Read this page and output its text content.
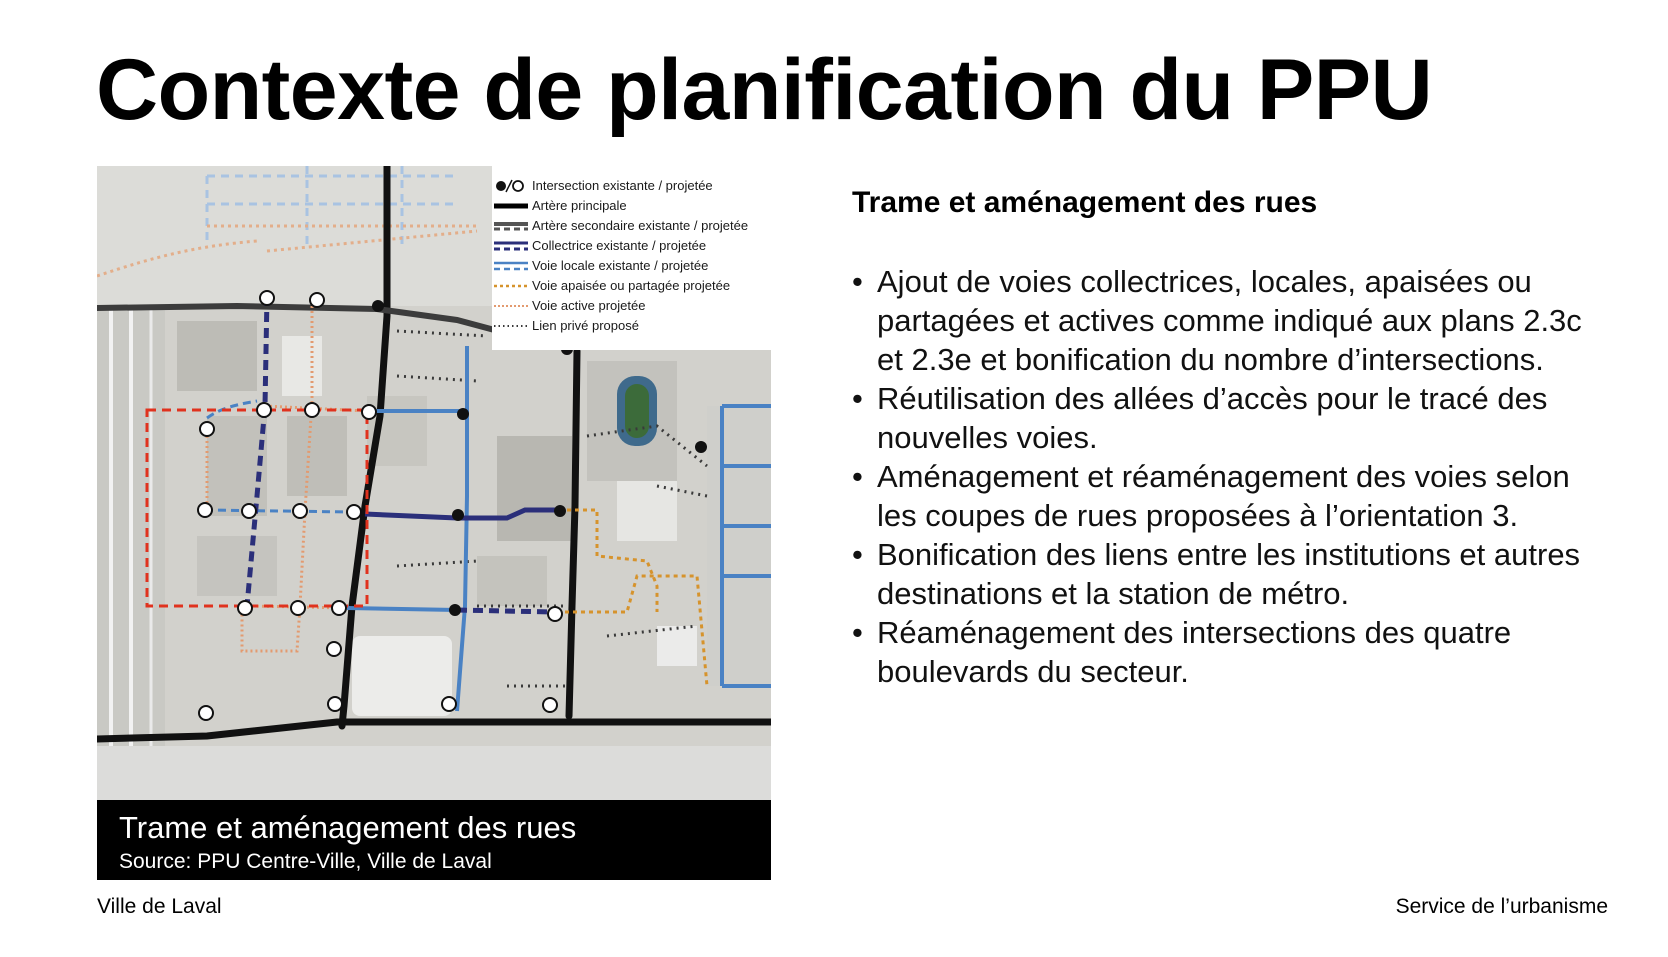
Contexte de planification du PPU
Intersection existante / projetée
Artère principale
Artère secondaire existante / projetée
Collectrice existante / projetée
Voie locale existante / projetée
Voie apaisée ou partagée projetée
Voie active projetée
Lien privé proposé
Trame et aménagement des rues
Source: PPU Centre-Ville, Ville de Laval
Trame et aménagement des rues
• Ajout de voies collectrices, locales, apaisées ou partagées et actives comme indiqué aux plans 2.3c et 2.3e et bonification du nombre d’intersections.
• Réutilisation des allées d’accès pour le tracé des nouvelles voies.
• Aménagement et réaménagement des voies selon les coupes de rues proposées à l’orientation 3.
• Bonification des liens entre les institutions et autres destinations et la station de métro.
• Réaménagement des intersections des quatre boulevards du secteur.
Ville de Laval	Service de l’urbanisme
